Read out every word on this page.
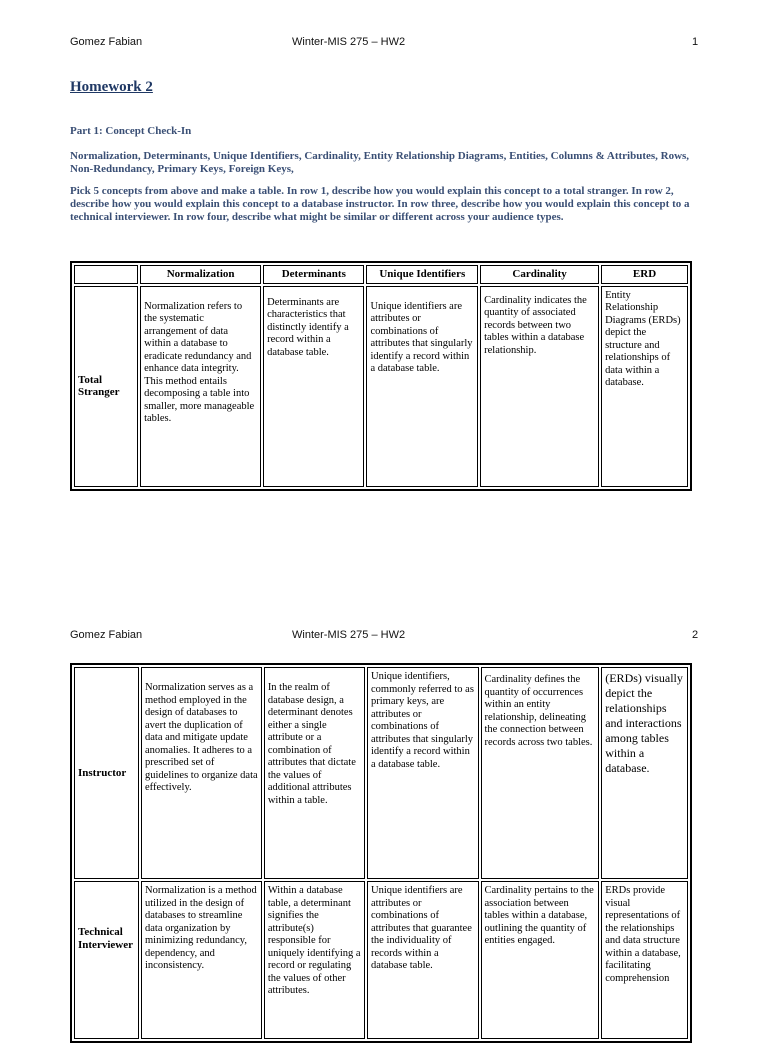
Gomez Fabian	Winter-MIS 275 – HW2	1
Homework 2
Part 1: Concept Check-In
Normalization, Determinants, Unique Identifiers, Cardinality, Entity Relationship Diagrams, Entities, Columns & Attributes, Rows, Non-Redundancy, Primary Keys, Foreign Keys,
Pick 5 concepts from above and make a table. In row 1, describe how you would explain this concept to a total stranger. In row 2, describe how you would explain this concept to a database instructor. In row three, describe how you would explain this concept to a technical interviewer. In row four, describe what might be similar or different across your audience types.
	Normalization	Determinants	Unique Identifiers	Cardinality	ERD
Total Stranger	Normalization refers to the systematic arrangement of data within a database to eradicate redundancy and enhance data integrity. This method entails decomposing a table into smaller, more manageable tables.	Determinants are characteristics that distinctly identify a record within a database table.	Unique identifiers are attributes or combinations of attributes that singularly identify a record within a database table.	Cardinality indicates the quantity of associated records between two tables within a database relationship.	Entity Relationship Diagrams (ERDs) depict the structure and relationships of data within a database.
Gomez Fabian	Winter-MIS 275 – HW2	2
Instructor	Normalization serves as a method employed in the design of databases to avert the duplication of data and mitigate update anomalies. It adheres to a prescribed set of guidelines to organize data effectively.	In the realm of database design, a determinant denotes either a single attribute or a combination of attributes that dictate the values of additional attributes within a table.	Unique identifiers, commonly referred to as primary keys, are attributes or combinations of attributes that singularly identify a record within a database table.	Cardinality defines the quantity of occurrences within an entity relationship, delineating the connection between records across two tables.	(ERDs) visually depict the relationships and interactions among tables within a database.
Technical Interviewer	Normalization is a method utilized in the design of databases to streamline data organization by minimizing redundancy, dependency, and inconsistency.	Within a database table, a determinant signifies the attribute(s) responsible for uniquely identifying a record or regulating the values of other attributes.	Unique identifiers are attributes or combinations of attributes that guarantee the individuality of records within a database table.	Cardinality pertains to the association between tables within a database, outlining the quantity of entities engaged.	ERDs provide visual representations of the relationships and data structure within a database, facilitating comprehension
